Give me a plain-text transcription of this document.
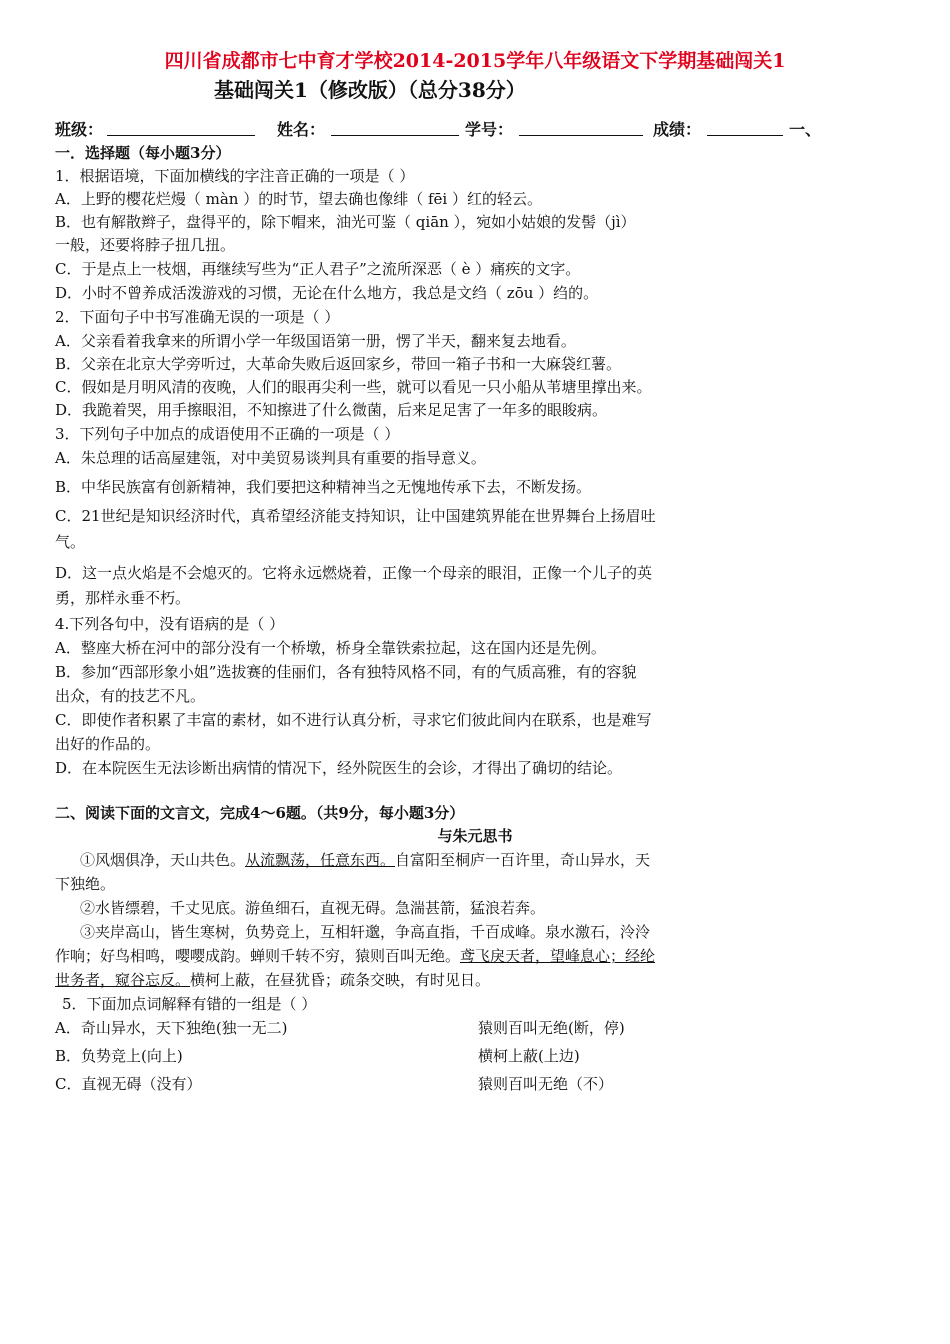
四川省成都市七中育才学校2014-2015学年八年级语文下学期基础闯关1
基础闯关1（修改版）（总分38分）
班级：	姓名：	学号：	成绩：	一、
一．选择题（每小题3分）
1．根据语境，下面加横线的字注音正确的一项是（ ）
A．上野的樱花烂熳（ màn ）的时节，望去确也像绯（ fēi ）红的轻云。
B．也有解散辫子，盘得平的，除下帽来，油光可鉴（ qiān ），宛如小姑娘的发髻（jì）
一般，还要将脖子扭几扭。
C．于是点上一枝烟，再继续写些为“正人君子”之流所深恶（ è ）痛疾的文字。
D．小时不曾养成活泼游戏的习惯，无论在什么地方，我总是文绉（ zōu ）绉的。
2．下面句子中书写准确无误的一项是（ ）
A．父亲看着我拿来的所谓小学一年级国语第一册，愣了半天，翻来复去地看。
B．父亲在北京大学旁听过，大革命失败后返回家乡，带回一箱子书和一大麻袋红薯。
C．假如是月明风清的夜晚，人们的眼再尖利一些，就可以看见一只小船从苇塘里撑出来。
D．我跪着哭，用手擦眼泪，不知擦进了什么微菌，后来足足害了一年多的眼睃病。
3．下列句子中加点的成语使用不正确的一项是（ ）
A．朱总理的话高屋建瓴，对中美贸易谈判具有重要的指导意义。
B．中华民族富有创新精神，我们要把这种精神当之无愧地传承下去，不断发扬。
C．21世纪是知识经济时代，真希望经济能支持知识，让中国建筑界能在世界舞台上扬眉吐
气。
D．这一点火焰是不会熄灭的。它将永远燃烧着，正像一个母亲的眼泪，正像一个儿子的英
勇，那样永垂不朽。
4.下列各句中，没有语病的是（ ）
A．整座大桥在河中的部分没有一个桥墩，桥身全靠铁索拉起，这在国内还是先例。
B．参加“西部形象小姐”选拔赛的佳丽们，各有独特风格不同，有的气质高雅，有的容貌
出众，有的技艺不凡。
C．即使作者积累了丰富的素材，如不进行认真分析，寻求它们彼此间内在联系，也是难写
出好的作品的。
D．在本院医生无法诊断出病情的情况下，经外院医生的会诊，才得出了确切的结论。
二、阅读下面的文言文，完成4～6题。（共9分，每小题3分）
与朱元思书
①风烟俱净，天山共色。从流飘荡，任意东西。自富阳至桐庐一百许里，奇山异水，天
下独绝。
②水皆缥碧，千丈见底。游鱼细石，直视无碍。急湍甚箭，猛浪若奔。
③夹岸高山，皆生寒树，负势竞上，互相轩邈，争高直指，千百成峰。泉水激石，泠泠
作响；好鸟相鸣，嘤嘤成韵。蝉则千转不穷，猿则百叫无绝。鸢飞戾天者，望峰息心；经纶
世务者，窥谷忘反。横柯上蔽，在昼犹昏；疏条交映，有时见日。
5．下面加点词解释有错的一组是（ ）
A．奇山异水，天下独绝(独一无二)	猿则百叫无绝(断，停)
B．负势竞上(向上)	横柯上蔽(上边)
C．直视无碍（没有）	猿则百叫无绝（不）
